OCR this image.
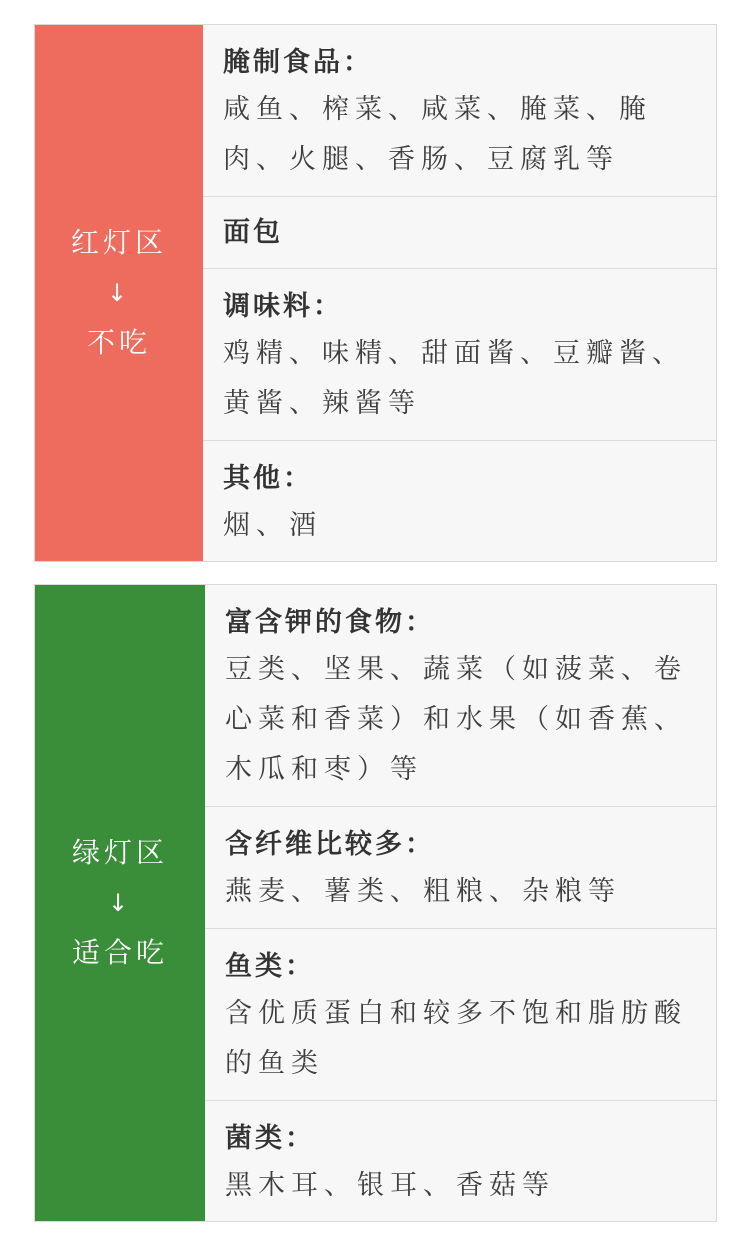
红灯区
↓
不吃
腌制食品：
咸鱼、榨菜、咸菜、腌菜、腌肉、火腿、香肠、豆腐乳等
面包
调味料：
鸡精、味精、甜面酱、豆瓣酱、黄酱、辣酱等
其他：
烟、酒
绿灯区
↓
适合吃
富含钾的食物：
豆类、坚果、蔬菜（如菠菜、卷心菜和香菜）和水果（如香蕉、木瓜和枣）等
含纤维比较多：
燕麦、薯类、粗粮、杂粮等
鱼类：
含优质蛋白和较多不饱和脂肪酸的鱼类
菌类：
黑木耳、银耳、香菇等
